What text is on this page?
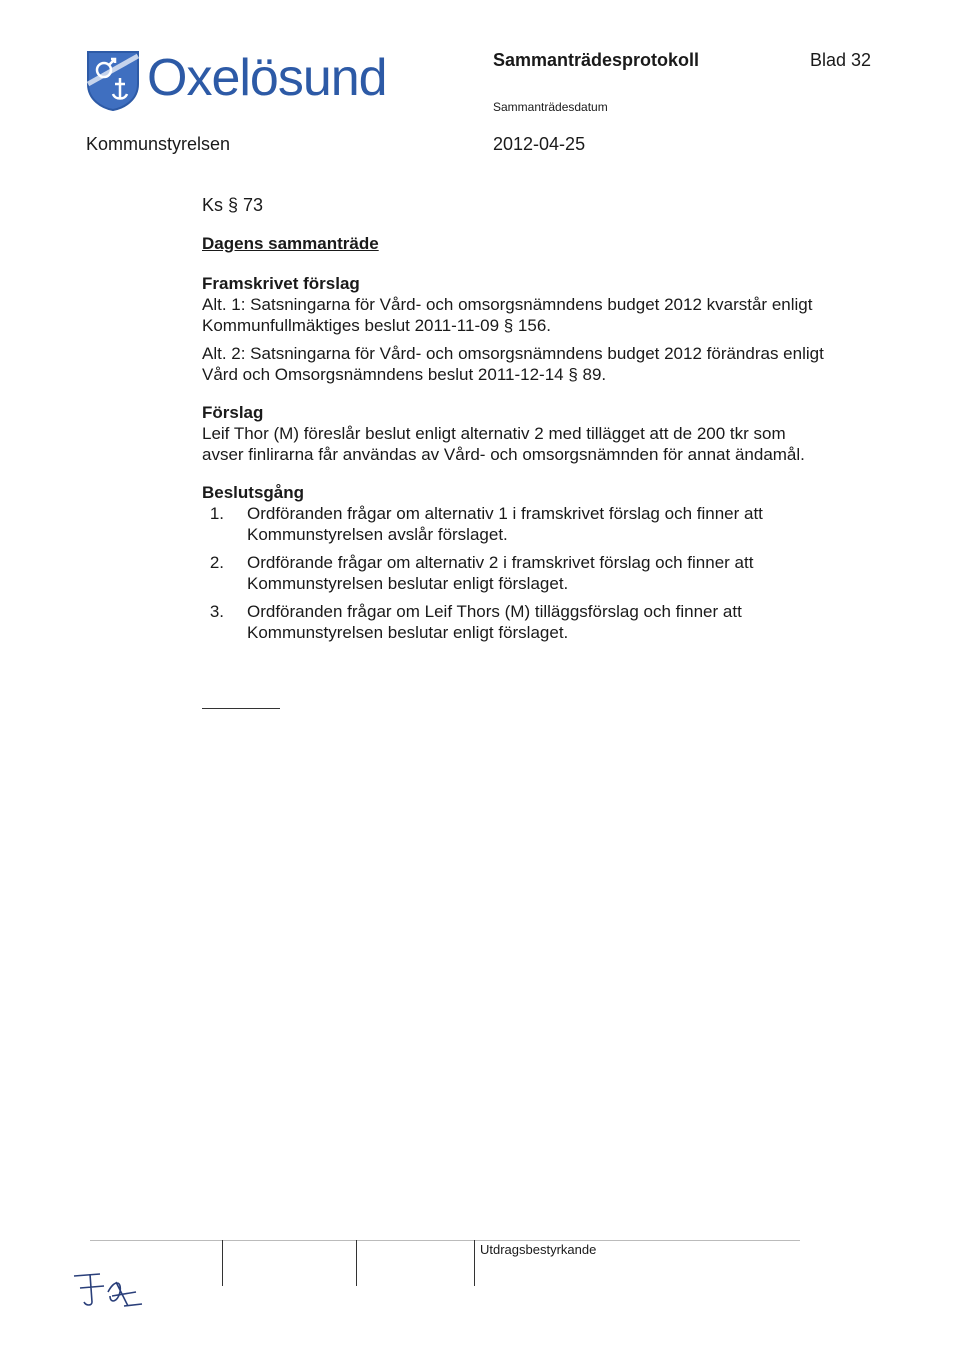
Oxelösund	Sammanträdesprotokoll	Blad 32
Sammanträdesdatum
Kommunstyrelsen	2012-04-25
Ks § 73
Dagens sammanträde
Framskrivet förslag
Alt. 1: Satsningarna för Vård- och omsorgsnämndens budget 2012 kvarstår enligt
Kommunfullmäktiges beslut 2011-11-09 § 156.
Alt. 2: Satsningarna för Vård- och omsorgsnämndens budget 2012 förändras enligt
Vård och Omsorgsnämndens beslut 2011-12-14 § 89.
Förslag
Leif Thor (M) föreslår beslut enligt alternativ 2 med tillägget att de 200 tkr som
avser finlirarna får användas av Vård- och omsorgsnämnden för annat ändamål.
Beslutsgång
1. Ordföranden frågar om alternativ 1 i framskrivet förslag och finner att
Kommunstyrelsen avslår förslaget.
2. Ordförande frågar om alternativ 2 i framskrivet förslag och finner att
Kommunstyrelsen beslutar enligt förslaget.
3. Ordföranden frågar om Leif Thors (M) tilläggsförslag och finner att
Kommunstyrelsen beslutar enligt förslaget.
Utdragsbestyrkande
